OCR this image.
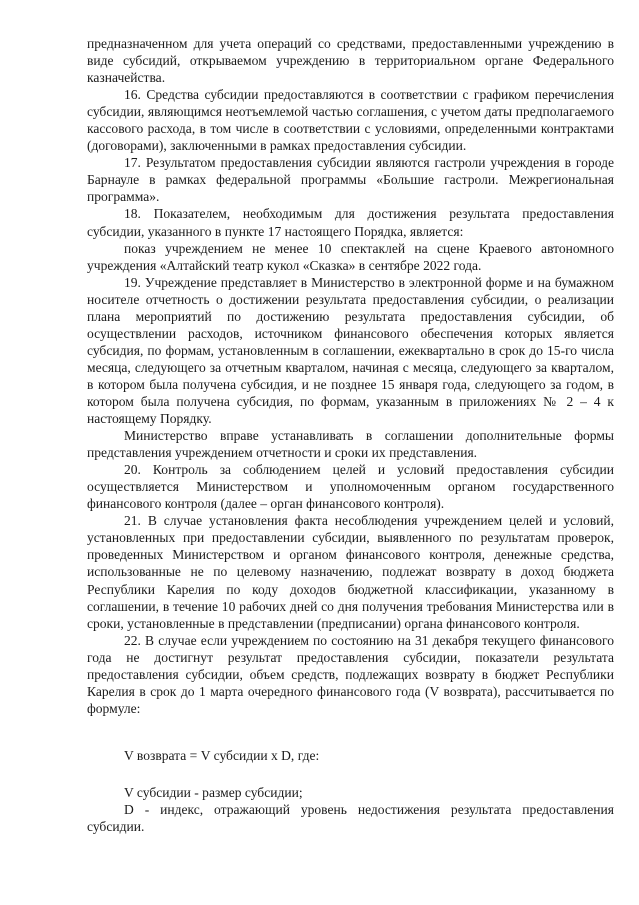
предназначенном для учета операций со средствами, предоставленными учреждению в виде субсидий, открываемом учреждению в территориальном органе Федерального казначейства.

16. Средства субсидии предоставляются в соответствии с графиком перечисления субсидии, являющимся неотъемлемой частью соглашения, с учетом даты предполагаемого кассового расхода, в том числе в соответствии с условиями, определенными контрактами (договорами), заключенными в рамках предоставления субсидии.

17. Результатом предоставления субсидии являются гастроли учреждения в городе Барнауле в рамках федеральной программы «Большие гастроли. Межрегиональная программа».

18. Показателем, необходимым для достижения результата предоставления субсидии, указанного в пункте 17 настоящего Порядка, является:

показ учреждением не менее 10 спектаклей на сцене Краевого автономного учреждения «Алтайский театр кукол «Сказка» в сентябре 2022 года.

19. Учреждение представляет в Министерство в электронной форме и на бумажном носителе отчетность о достижении результата предоставления субсидии, о реализации плана мероприятий по достижению результата предоставления субсидии, об осуществлении расходов, источником финансового обеспечения которых является субсидия, по формам, установленным в соглашении, ежеквартально в срок до 15-го числа месяца, следующего за отчетным кварталом, начиная с месяца, следующего за кварталом, в котором была получена субсидия, и не позднее 15 января года, следующего за годом, в котором была получена субсидия, по формам, указанным в приложениях № 2 – 4 к настоящему Порядку.

Министерство вправе устанавливать в соглашении дополнительные формы представления учреждением отчетности и сроки их представления.

20. Контроль за соблюдением целей и условий предоставления субсидии осуществляется Министерством и уполномоченным органом государственного финансового контроля (далее – орган финансового контроля).

21. В случае установления факта несоблюдения учреждением целей и условий, установленных при предоставлении субсидии, выявленного по результатам проверок, проведенных Министерством и органом финансового контроля, денежные средства, использованные не по целевому назначению, подлежат возврату в доход бюджета Республики Карелия по коду доходов бюджетной классификации, указанному в соглашении, в течение 10 рабочих дней со дня получения требования Министерства или в сроки, установленные в представлении (предписании) органа финансового контроля.

22. В случае если учреждением по состоянию на 31 декабря текущего финансового года не достигнут результат предоставления субсидии, показатели результата предоставления субсидии, объем средств, подлежащих возврату в бюджет Республики Карелия в срок до 1 марта очередного финансового года (V возврата), рассчитывается по формуле:

V возврата = V субсидии x D, где:

V субсидии - размер субсидии;

D - индекс, отражающий уровень недостижения результата предоставления субсидии.
